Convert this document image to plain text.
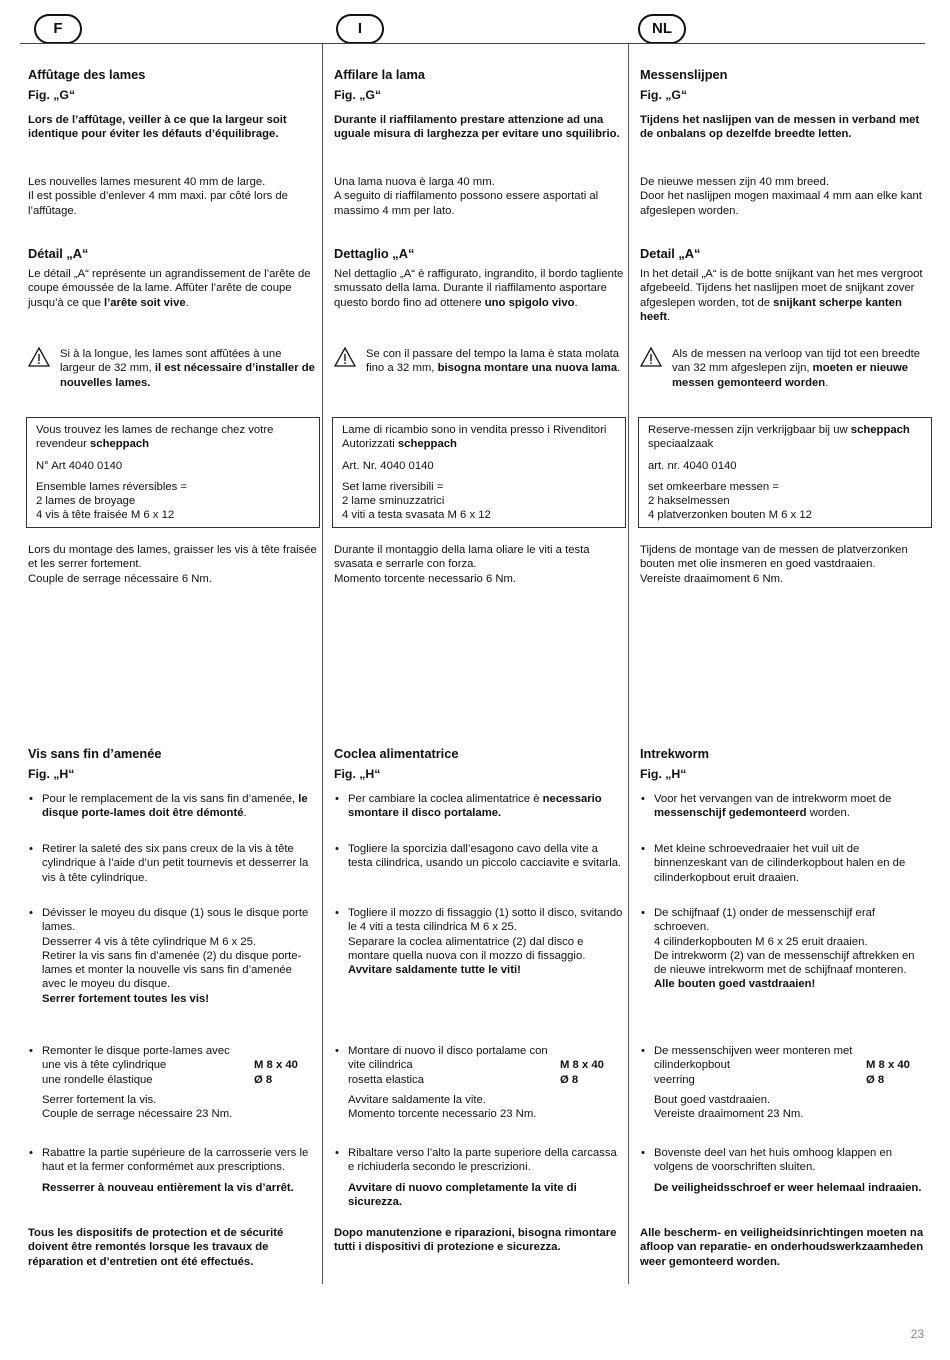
F	I	NL
Affûtage des lames
Fig. „G“
Lors de l’affûtage, veiller à ce que la largeur soit identique pour éviter les défauts d’équilibrage.
Les nouvelles lames mesurent 40 mm de large.
Il est possible d’enlever 4 mm maxi. par côté lors de l’affûtage.
Détail „A“
Le détail „A“ représente un agrandissement de l’arête de coupe émoussée de la lame. Affûter l’arête de coupe jusqu’à ce que l’arête soit vive.
Si à la longue, les lames sont affûtées à une largeur de 32 mm, il est nécessaire d’installer de nouvelles lames.

Vous trouvez les lames de rechange chez votre revendeur scheppach

N° Art 4040 0140

Ensemble lames réversibles =

2 lames de broyage

4 vis à tête fraisée M 6 x 12

Lors du montage des lames, graisser les vis à tête fraisée et les serrer fortement.
Couple de serrage nécessaire 6 Nm.
Vis sans fin d’amenée
Fig. „H“
• Pour le remplacement de la vis sans fin d’amenée, le disque porte-lames doit être démonté.
• Retirer la saleté des six pans creux de la vis à tête cylindrique à l’aide d’un petit tournevis et desserrer la vis à tête cylindrique.
• Dévisser le moyeu du disque (1) sous le disque porte lames.
Desserrer 4 vis à tête cylindrique M 6 x 25.
Retirer la vis sans fin d’amenée (2) du disque porte-lames et monter la nouvelle vis sans fin d’amenée avec le moyeu du disque.
Serrer fortement toutes les vis!
• Remonter le disque porte-lames avec
une vis à tête cylindrique	M 8 x 40
une rondelle élastique	Ø 8
Serrer fortement la vis.
Couple de serrage nécessaire 23 Nm.
• Rabattre la partie supérieure de la carrosserie vers le haut et la fermer conformémet aux prescriptions.
Resserrer à nouveau entièrement la vis d’arrêt.
Tous les dispositifs de protection et de sécurité doivent être remontés lorsque les travaux de réparation et d’entretien ont été effectués.
Affilare la lama
Fig. „G“
Durante il riaffilamento prestare attenzione ad una uguale misura di larghezza per evitare uno squilibrio.
Una lama nuova è larga 40 mm.
A seguito di riaffilamento possono essere asportati al massimo 4 mm per lato.
Dettaglio „A“
Nel dettaglio „A“ è raffigurato, ingrandito, il bordo tagliente smussato della lama. Durante il riaffilamento asportare questo bordo fino ad ottenere uno spigolo vivo.
Se con il passare del tempo la lama è stata molata fino a 32 mm, bisogna montare una nuova lama.

Lame di ricambio sono in vendita presso i Rivenditori Autorizzati scheppach

Art. Nr. 4040 0140

Set lame riversibili =

2 lame sminuzzatrici

4 viti a testa svasata M 6 x 12

Durante il montaggio della lama oliare le viti a testa svasata e serrarle con forza.
Momento torcente necessario 6 Nm.
Coclea alimentatrice
Fig. „H“
• Per cambiare la coclea alimentatrice è necessario smontare il disco portalame.
• Togliere la sporcizia dall’esagono cavo della vite a testa cilindrica, usando un piccolo cacciavite e svitarla.
• Togliere il mozzo di fissaggio (1) sotto il disco, svitando le 4 viti a testa cilindrica M 6 x 25.
Separare la coclea alimentatrice (2) dal disco e montare quella nuova con il mozzo di fissaggio.
Avvitare saldamente tutte le viti!
• Montare di nuovo il disco portalame con
vite cilindrica	M 8 x 40
rosetta elastica	Ø 8
Avvitare saldamente la vite.
Momento torcente necessario 23 Nm.
• Ribaltare verso l’alto la parte superiore della carcassa e richiuderla secondo le prescrizioni.
Avvitare di nuovo completamente la vite di sicurezza.
Dopo manutenzione e riparazioni, bisogna rimontare tutti i dispositivi di protezione e sicurezza.
Messenslijpen
Fig. „G“
Tijdens het naslijpen van de messen in verband met de onbalans op dezelfde breedte letten.
De nieuwe messen zijn 40 mm breed.
Door het naslijpen mogen maximaal 4 mm aan elke kant afgeslepen worden.
Detail „A“
In het detail „A“ is de botte snijkant van het mes vergroot afgebeeld. Tijdens het naslijpen moet de snijkant zover afgeslepen worden, tot de snijkant scherpe kanten heeft.
Als de messen na verloop van tijd tot een breedte van 32 mm afgeslepen zijn, moeten er nieuwe messen gemonteerd worden.

Reserve-messen zijn verkrijgbaar bij uw scheppach speciaalzaak

art. nr. 4040 0140

set omkeerbare messen =

2 hakselmessen

4 platverzonken bouten M 6 x 12

Tijdens de montage van de messen de platverzonken bouten met olie insmeren en goed vastdraaien.
Vereiste draaimoment 6 Nm.
Intrekworm
Fig. „H“
• Voor het vervangen van de intrekworm moet de messenschijf gedemonteerd worden.
• Met kleine schroevedraaier het vuil uit de binnenzeskant van de cilinderkopbout halen en de cilinderkopbout eruit draaien.
• De schijfnaaf (1) onder de messenschijf eraf schroeven.
4 cilinderkopbouten M 6 x 25 eruit draaien.
De intrekworm (2) van de messenschijf aftrekken en de nieuwe intrekworm met de schijfnaaf monteren.
Alle bouten goed vastdraaien!
• De messenschijven weer monteren met
cilinderkopbout	M 8 x 40
veerring	Ø 8
Bout goed vastdraaien.
Vereiste draaimoment 23 Nm.
• Bovenste deel van het huis omhoog klappen en volgens de voorschriften sluiten.
De veiligheidsschroef er weer helemaal indraaien.
Alle bescherm- en veiligheidsinrichtingen moeten na afloop van reparatie- en onderhoudswerkzaamheden weer gemonteerd worden.
23
